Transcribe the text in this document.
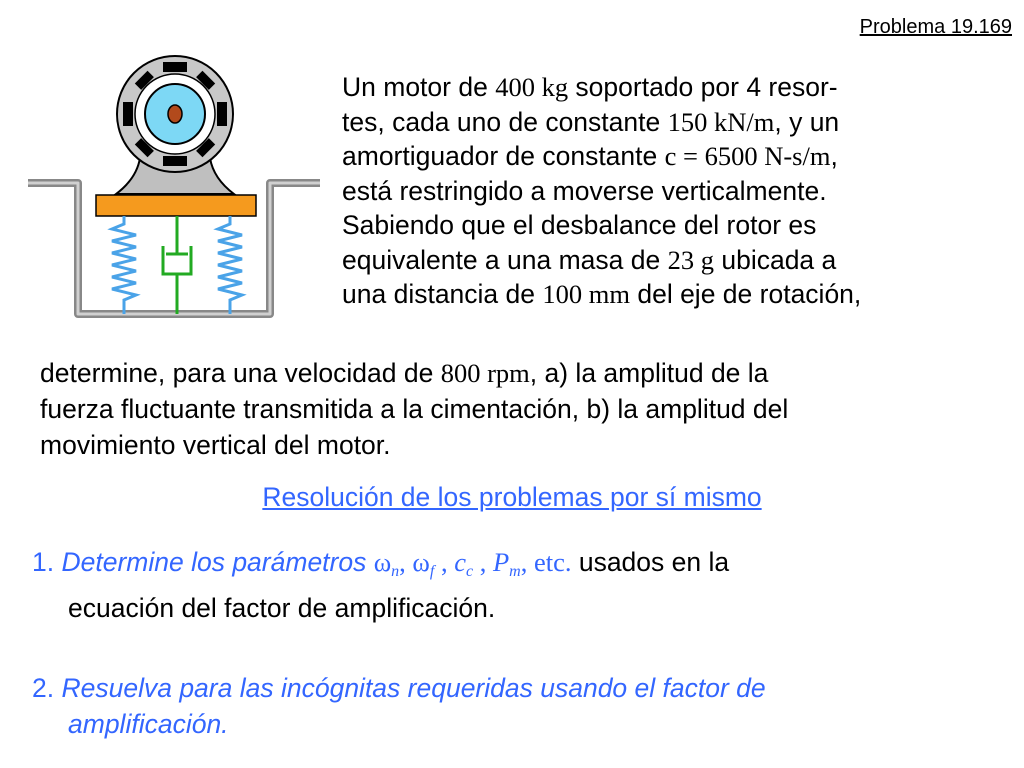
Problema 19.169
Un motor de 400 kg soportado por 4 resor-
tes, cada uno de constante 150 kN/m, y un
amortiguador de constante c = 6500 N-s/m,
está restringido a moverse verticalmente.
Sabiendo que el desbalance del rotor es
equivalente a una masa de 23 g ubicada a
una distancia de 100 mm del eje de rotación,
determine, para una velocidad de 800 rpm, a) la amplitud de la
fuerza fluctuante transmitida a la cimentación, b) la amplitud del
movimiento vertical del motor.
Resolución de los problemas por sí mismo
1. Determine los parámetros $\omega_n$, $\omega_f$ , $c_c$ , $P_m$, etc. usados en la
ecuación del factor de amplificación.
2. Resuelva para las incógnitas requeridas usando el factor de
amplificación.
